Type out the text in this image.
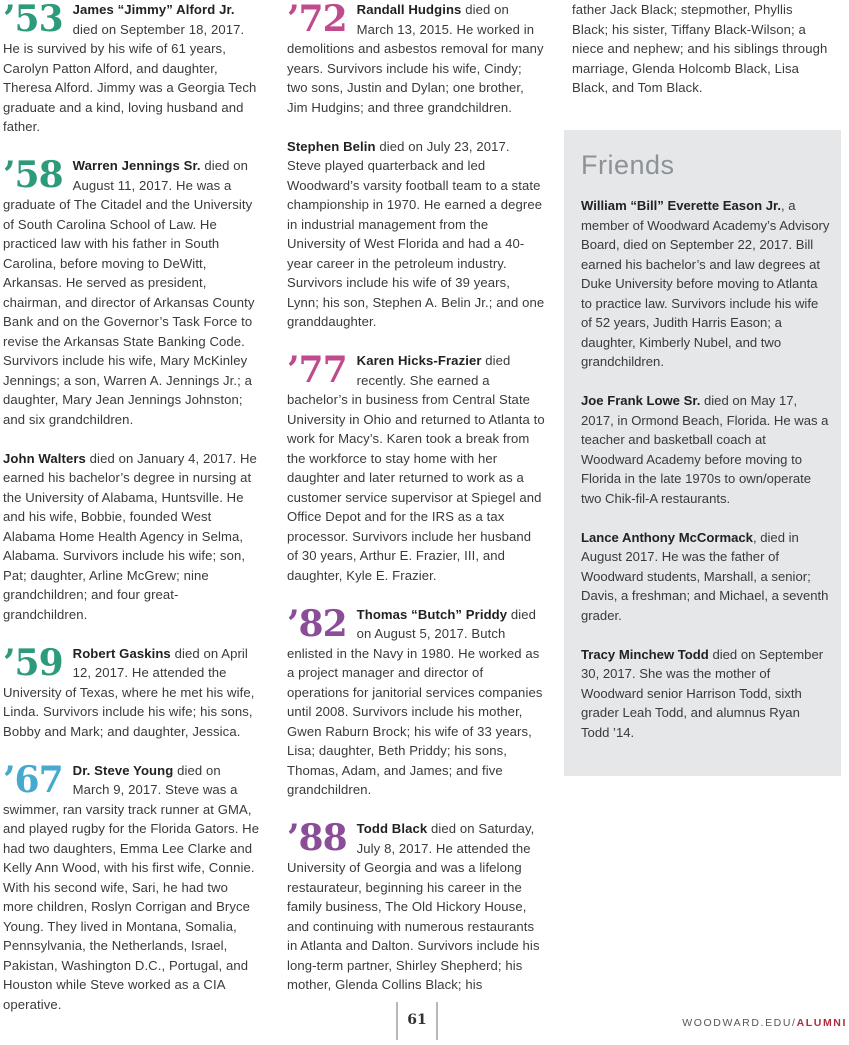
’53 James “Jimmy” Alford Jr. died on September 18, 2017. He is survived by his wife of 61 years, Carolyn Patton Alford, and daughter, Theresa Alford. Jimmy was a Georgia Tech graduate and a kind, loving husband and father.

’58 Warren Jennings Sr. died on August 11, 2017. He was a graduate of The Citadel and the University of South Carolina School of Law. He practiced law with his father in South Carolina, before moving to DeWitt, Arkansas. He served as president, chairman, and director of Arkansas County Bank and on the Governor’s Task Force to revise the Arkansas State Banking Code. Survivors include his wife, Mary McKinley Jennings; a son, Warren A. Jennings Jr.; a daughter, Mary Jean Jennings Johnston; and six grandchildren.

John Walters died on January 4, 2017. He earned his bachelor’s degree in nursing at the University of Alabama, Huntsville. He and his wife, Bobbie, founded West Alabama Home Health Agency in Selma, Alabama. Survivors include his wife; son, Pat; daughter, Arline McGrew; nine grandchildren; and four great-grandchildren.

’59 Robert Gaskins died on April 12, 2017. He attended the University of Texas, where he met his wife, Linda. Survivors include his wife; his sons, Bobby and Mark; and daughter, Jessica.

’67 Dr. Steve Young died on March 9, 2017. Steve was a swimmer, ran varsity track runner at GMA, and played rugby for the Florida Gators. He had two daughters, Emma Lee Clarke and Kelly Ann Wood, with his first wife, Connie. With his second wife, Sari, he had two more children, Roslyn Corrigan and Bryce Young. They lived in Montana, Somalia, Pennsylvania, the Netherlands, Israel, Pakistan, Washington D.C., Portugal, and Houston while Steve worked as a CIA operative.

’72 Randall Hudgins died on March 13, 2015. He worked in demolitions and asbestos removal for many years. Survivors include his wife, Cindy; two sons, Justin and Dylan; one brother, Jim Hudgins; and three grandchildren.

Stephen Belin died on July 23, 2017. Steve played quarterback and led Woodward’s varsity football team to a state championship in 1970. He earned a degree in industrial management from the University of West Florida and had a 40-year career in the petroleum industry. Survivors include his wife of 39 years, Lynn; his son, Stephen A. Belin Jr.; and one granddaughter.

’77 Karen Hicks-Frazier died recently. She earned a bachelor’s in business from Central State University in Ohio and returned to Atlanta to work for Macy’s. Karen took a break from the workforce to stay home with her daughter and later returned to work as a customer service supervisor at Spiegel and Office Depot and for the IRS as a tax processor. Survivors include her husband of 30 years, Arthur E. Frazier, III, and daughter, Kyle E. Frazier.

’82 Thomas “Butch” Priddy died on August 5, 2017. Butch enlisted in the Navy in 1980. He worked as a project manager and director of operations for janitorial services companies until 2008. Survivors include his mother, Gwen Raburn Brock; his wife of 33 years, Lisa; daughter, Beth Priddy; his sons, Thomas, Adam, and James; and five grandchildren.

’88 Todd Black died on Saturday, July 8, 2017. He attended the University of Georgia and was a lifelong restaurateur, beginning his career in the family business, The Old Hickory House, and continuing with numerous restaurants in Atlanta and Dalton. Survivors include his long-term partner, Shirley Shepherd; his mother, Glenda Collins Black; his

father Jack Black; stepmother, Phyllis Black; his sister, Tiffany Black-Wilson; a niece and nephew; and his siblings through marriage, Glenda Holcomb Black, Lisa Black, and Tom Black.

Friends

William “Bill” Everette Eason Jr., a member of Woodward Academy’s Advisory Board, died on September 22, 2017. Bill earned his bachelor’s and law degrees at Duke University before moving to Atlanta to practice law. Survivors include his wife of 52 years, Judith Harris Eason; a daughter, Kimberly Nubel, and two grandchildren.

Joe Frank Lowe Sr. died on May 17, 2017, in Ormond Beach, Florida. He was a teacher and basketball coach at Woodward Academy before moving to Florida in the late 1970s to own/operate two Chik-fil-A restaurants.

Lance Anthony McCormack, died in August 2017. He was the father of Woodward students, Marshall, a senior; Davis, a freshman; and Michael, a seventh grader.

Tracy Minchew Todd died on September 30, 2017. She was the mother of Woodward senior Harrison Todd, sixth grader Leah Todd, and alumnus Ryan Todd ’14.

61	WOODWARD.EDU/ALUMNI
